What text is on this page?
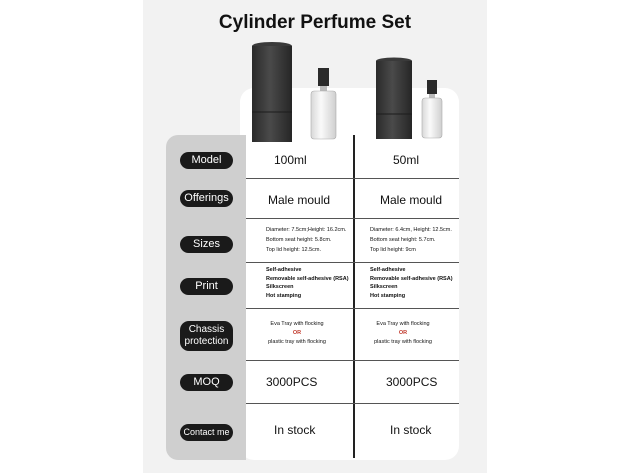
Cylinder Perfume Set
Model
Offerings
Sizes
Print
Chassis
protection
MOQ
Contact me
100ml
Male mould
Diameter: 7.5cm;Height: 16.2cm.
Bottom seat height: 5.8cm.
Top lid height: 12.5cm.
Self-adhesive
Removable self-adhesive (RSA)
Silkscreen
Hot stamping
Eva Tray with flocking
OR
plastic tray with flocking
3000PCS
In stock
50ml
Male mould
Diameter: 6.4cm, Height: 12.5cm.
Bottom seat height: 5.7cm.
Top lid height: 9cm
Self-adhesive
Removable self-adhesive (RSA)
Silkscreen
Hot stamping
Eva Tray with flocking
OR
plastic tray with flocking
3000PCS
In stock
